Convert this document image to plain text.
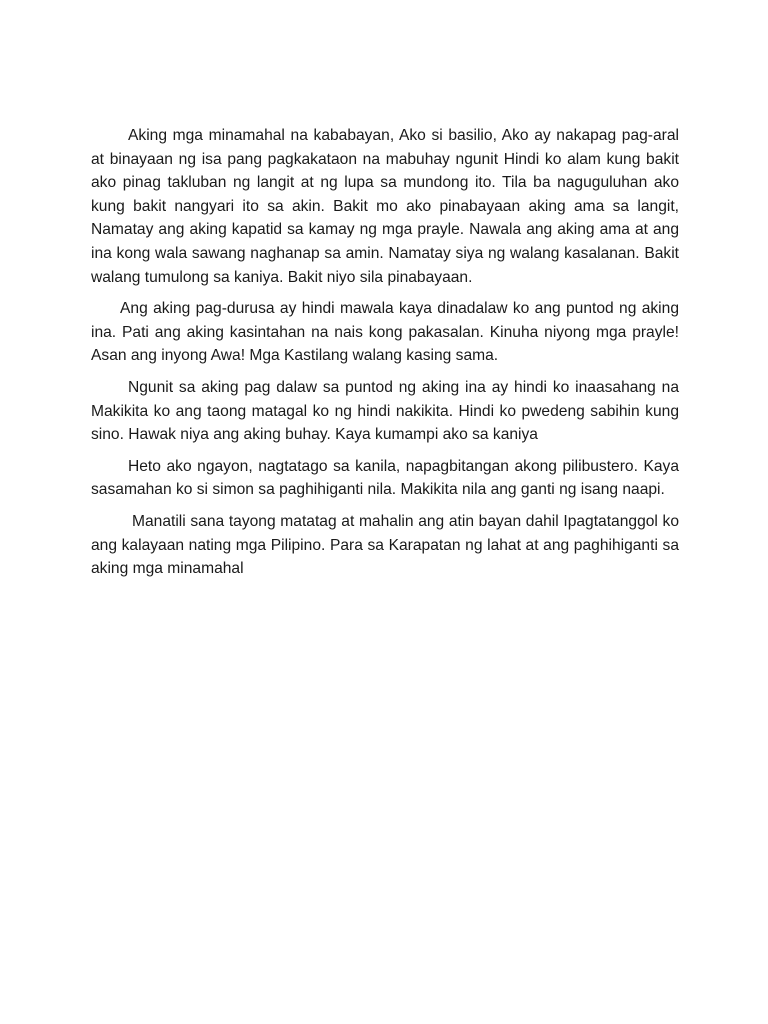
Aking mga minamahal na kababayan, Ako si basilio, Ako ay nakapag pag-aral at binayaan ng isa pang pagkakataon na mabuhay ngunit Hindi ko alam kung bakit ako pinag takluban ng langit at ng lupa sa mundong ito. Tila ba naguguluhan ako kung bakit nangyari ito sa akin. Bakit mo ako pinabayaan aking ama sa langit, Namatay ang aking kapatid sa kamay ng mga prayle. Nawala ang aking ama at ang ina kong wala sawang naghanap sa amin. Namatay siya ng walang kasalanan. Bakit walang tumulong sa kaniya. Bakit niyo sila pinabayaan.

Ang aking pag-durusa ay hindi mawala kaya dinadalaw ko ang puntod ng aking ina. Pati ang aking kasintahan na nais kong pakasalan. Kinuha niyong mga prayle! Asan ang inyong Awa! Mga Kastilang walang kasing sama.

Ngunit sa aking pag dalaw sa puntod ng aking ina ay hindi ko inaasahang na Makikita ko ang taong matagal ko ng hindi nakikita. Hindi ko pwedeng sabihin kung sino. Hawak niya ang aking buhay. Kaya kumampi ako sa kaniya

Heto ako ngayon, nagtatago sa kanila, napagbitangan akong pilibustero. Kaya sasamahan ko si simon sa paghihiganti nila. Makikita nila ang ganti ng isang naapi.

Manatili sana tayong matatag at mahalin ang atin bayan dahil Ipagtatanggol ko ang kalayaan nating mga Pilipino. Para sa Karapatan ng lahat at ang paghihiganti sa aking mga minamahal
